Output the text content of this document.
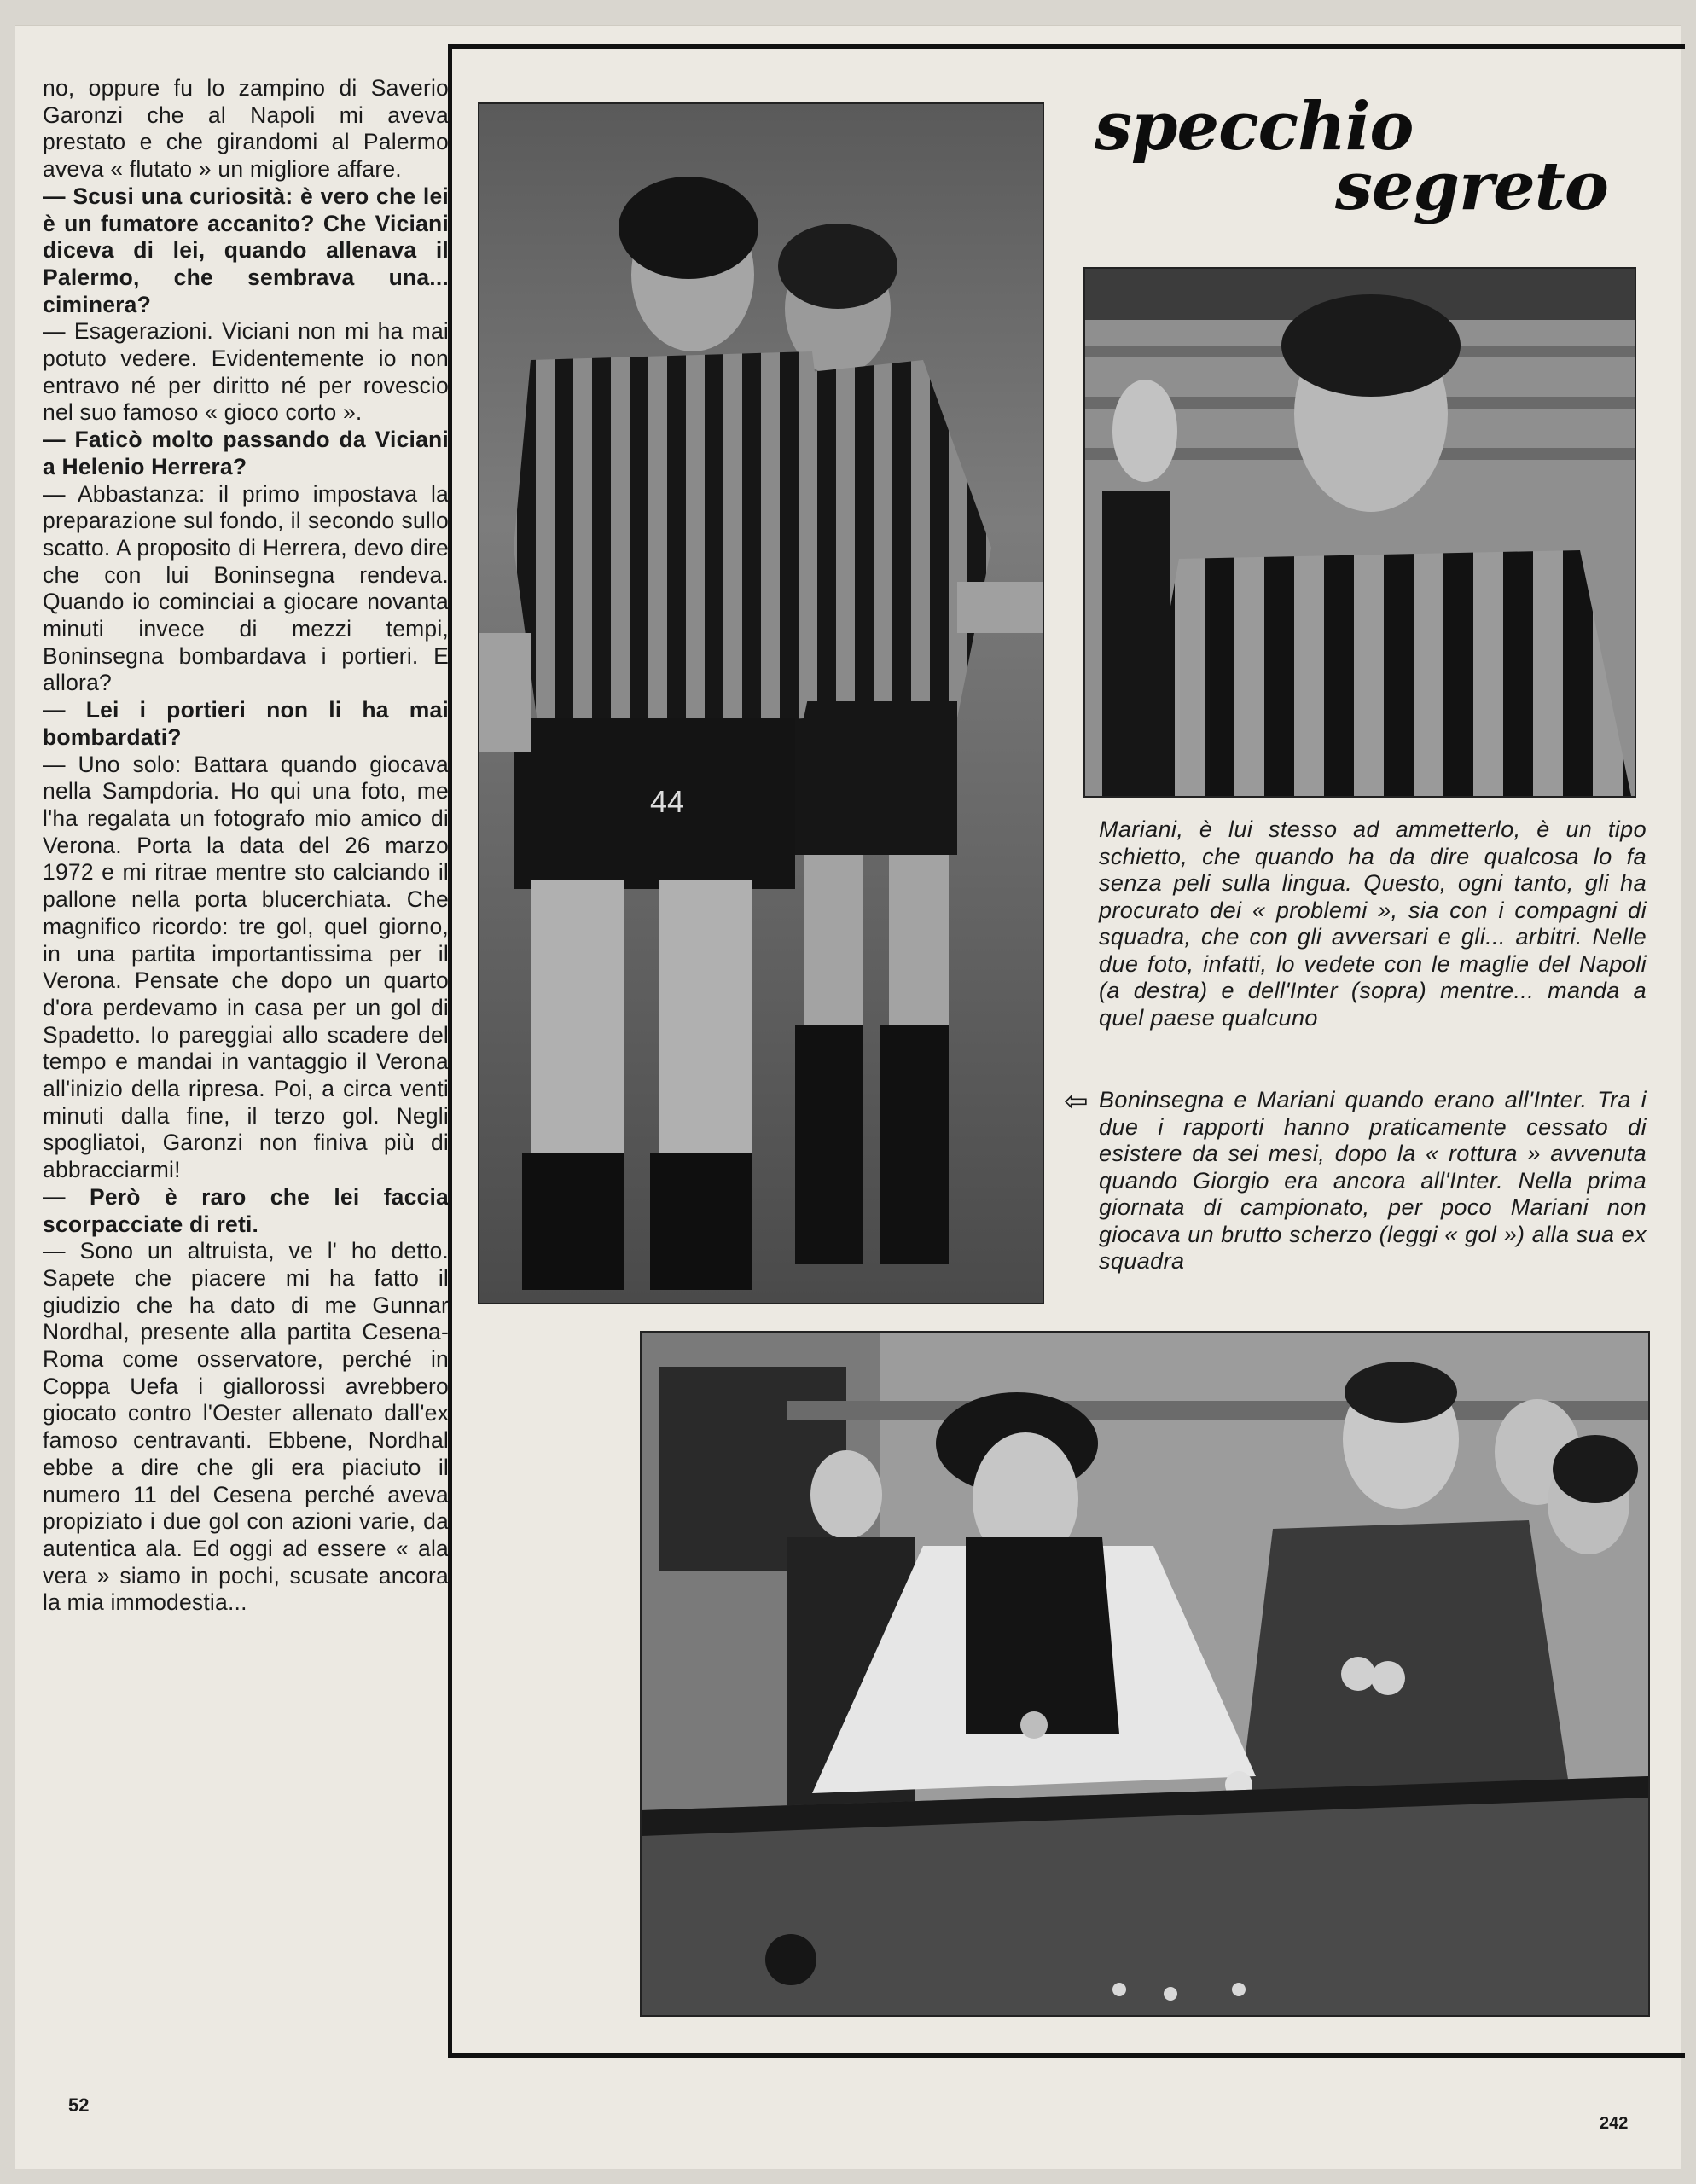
no, oppure fu lo zampino di Saverio Garonzi che al Napoli mi aveva prestato e che girandomi al Palermo aveva « flutato » un migliore affare.

— Scusi una curiosità: è vero che lei è un fumatore accanito? Che Viciani diceva di lei, quando allenava il Palermo, che sembrava una... ciminera?

— Esagerazioni. Viciani non mi ha mai potuto vedere. Evidentemente io non entravo né per diritto né per rovescio nel suo famoso « gioco corto ».

— Faticò molto passando da Viciani a Helenio Herrera?

— Abbastanza: il primo impostava la preparazione sul fondo, il secondo sullo scatto. A proposito di Herrera, devo dire che con lui Boninsegna rendeva. Quando io cominciai a giocare novanta minuti invece di mezzi tempi, Boninsegna bombardava i portieri. E allora?

— Lei i portieri non li ha mai bombardati?

— Uno solo: Battara quando giocava nella Sampdoria. Ho qui una foto, me l'ha regalata un fotografo mio amico di Verona. Porta la data del 26 marzo 1972 e mi ritrae mentre sto calciando il pallone nella porta blucerchiata. Che magnifico ricordo: tre gol, quel giorno, in una partita importantissima per il Verona. Pensate che dopo un quarto d'ora perdevamo in casa per un gol di Spadetto. Io pareggiai allo scadere del tempo e mandai in vantaggio il Verona all'inizio della ripresa. Poi, a circa venti minuti dalla fine, il terzo gol. Negli spogliatoi, Garonzi non finiva più di abbracciarmi!

— Però è raro che lei faccia scorpacciate di reti.

— Sono un altruista, ve l' ho detto. Sapete che piacere mi ha fatto il giudizio che ha dato di me Gunnar Nordhal, presente alla partita Cesena-Roma come osservatore, perché in Coppa Uefa i giallorossi avrebbero giocato contro l'Oester allenato dall'ex famoso centravanti. Ebbene, Nordhal ebbe a dire che gli era piaciuto il numero 11 del Cesena perché aveva propiziato i due gol con azioni varie, da autentica ala. Ed oggi ad essere « ala vera » siamo in pochi, scusate ancora la mia immodestia...

52
242
specchio
segreto
44

Mariani, è lui stesso ad ammetterlo, è un tipo schietto, che quando ha da dire qualcosa lo fa senza peli sulla lingua. Questo, ogni tanto, gli ha procurato dei « problemi », sia con i compagni di squadra, che con gli avversari e gli... arbitri. Nelle due foto, infatti, lo vedete con le maglie del Napoli (a destra) e dell'Inter (sopra) mentre... manda a quel paese qualcuno

⇦ Boninsegna e Mariani quando erano all'Inter. Tra i due i rapporti hanno praticamente cessato di esistere da sei mesi, dopo la « rottura » avvenuta quando Giorgio era ancora all'Inter. Nella prima giornata di campionato, per poco Mariani non giocava un brutto scherzo (leggi « gol ») alla sua ex squadra
